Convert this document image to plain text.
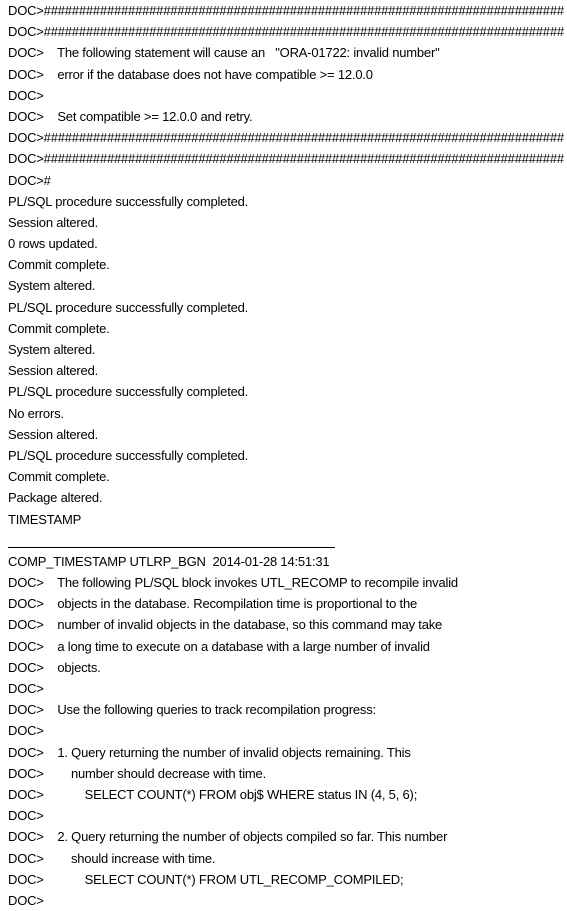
DOC>##########################################################################
DOC>##########################################################################
DOC>    The following statement will cause an   "ORA-01722: invalid number"
DOC>    error if the database does not have compatible >= 12.0.0
DOC>
DOC>    Set compatible >= 12.0.0 and retry.
DOC>##########################################################################
DOC>##########################################################################
DOC>#
PL/SQL procedure successfully completed.
Session altered.
0 rows updated.
Commit complete.
System altered.
PL/SQL procedure successfully completed.
Commit complete.
System altered.
Session altered.
PL/SQL procedure successfully completed.
No errors.
Session altered.
PL/SQL procedure successfully completed.
Commit complete.
Package altered.
TIMESTAMP
COMP_TIMESTAMP UTLRP_BGN  2014-01-28 14:51:31
DOC>    The following PL/SQL block invokes UTL_RECOMP to recompile invalid
DOC>    objects in the database. Recompilation time is proportional to the
DOC>    number of invalid objects in the database, so this command may take
DOC>    a long time to execute on a database with a large number of invalid
DOC>    objects.
DOC>
DOC>    Use the following queries to track recompilation progress:
DOC>
DOC>    1. Query returning the number of invalid objects remaining. This
DOC>        number should decrease with time.
DOC>            SELECT COUNT(*) FROM obj$ WHERE status IN (4, 5, 6);
DOC>
DOC>    2. Query returning the number of objects compiled so far. This number
DOC>        should increase with time.
DOC>            SELECT COUNT(*) FROM UTL_RECOMP_COMPILED;
DOC>
